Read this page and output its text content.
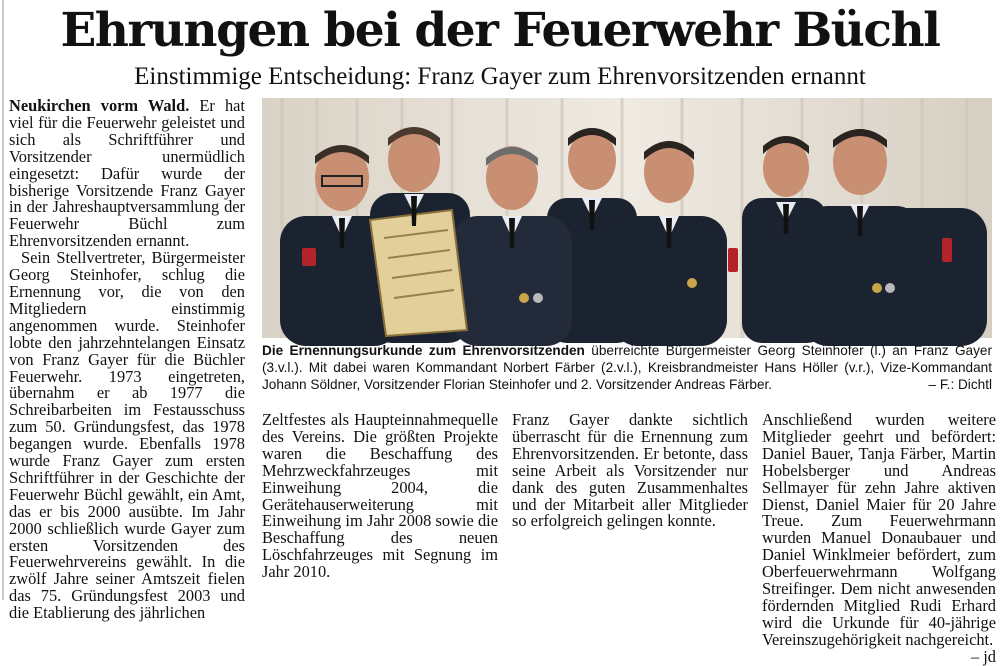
Ehrungen bei der Feuerwehr Büchl
Einstimmige Entscheidung: Franz Gayer zum Ehrenvorsitzenden ernannt

Neukirchen vorm Wald. Er hat viel für die Feuerwehr geleistet und sich als Schriftführer und Vorsitzender unermüdlich eingesetzt: Dafür wurde der bisherige Vorsitzende Franz Gayer in der Jahreshauptversammlung der Feuerwehr Büchl zum Ehrenvorsitzenden ernannt.

Sein Stellvertreter, Bürgermeister Georg Steinhofer, schlug die Ernennung vor, die von den Mitgliedern einstimmig angenommen wurde. Steinhofer lobte den jahrzehntelangen Einsatz von Franz Gayer für die Büchler Feuerwehr. 1973 eingetreten, übernahm er ab 1977 die Schreibarbeiten im Festausschuss zum 50. Gründungsfest, das 1978 begangen wurde. Ebenfalls 1978 wurde Franz Gayer zum ersten Schriftführer in der Geschichte der Feuerwehr Büchl gewählt, ein Amt, das er bis 2000 ausübte. Im Jahr 2000 schließlich wurde Gayer zum ersten Vorsitzenden des Feuerwehrvereins gewählt. In die zwölf Jahre seiner Amtszeit fielen das 75. Gründungsfest 2003 und die Etablierung des jährlichen

Die Ernennungsurkunde zum Ehrenvorsitzenden überreichte Bürgermeister Georg Steinhofer (l.) an Franz Gayer (3.v.l.). Mit dabei waren Kommandant Norbert Färber (2.v.l.), Kreisbrandmeister Hans Höller (v.r.), Vize-Kommandant Johann Söldner, Vorsitzender Florian Steinhofer und 2. Vorsitzender Andreas Färber.	– F.: Dichtl

Zeltfestes als Haupteinnahmequelle des Vereins. Die größten Projekte waren die Beschaffung des Mehrzweckfahrzeuges mit Einweihung 2004, die Gerätehauserweiterung mit Einweihung im Jahr 2008 sowie die Beschaffung des neuen Löschfahrzeuges mit Segnung im Jahr 2010.

Franz Gayer dankte sichtlich überrascht für die Ernennung zum Ehrenvorsitzenden. Er betonte, dass seine Arbeit als Vorsitzender nur dank des guten Zusammenhaltes und der Mitarbeit aller Mitglieder so erfolgreich gelingen konnte.

Anschließend wurden weitere Mitglieder geehrt und befördert: Daniel Bauer, Tanja Färber, Martin Hobelsberger und Andreas Sellmayer für zehn Jahre aktiven Dienst, Daniel Maier für 20 Jahre Treue. Zum Feuerwehrmann wurden Manuel Donaubauer und Daniel Winklmeier befördert, zum Oberfeuerwehrmann Wolfgang Streifinger. Dem nicht anwesenden fördernden Mitglied Rudi Erhard wird die Urkunde für 40-jährige Vereinszugehörigkeit nachgereicht.

– jd
